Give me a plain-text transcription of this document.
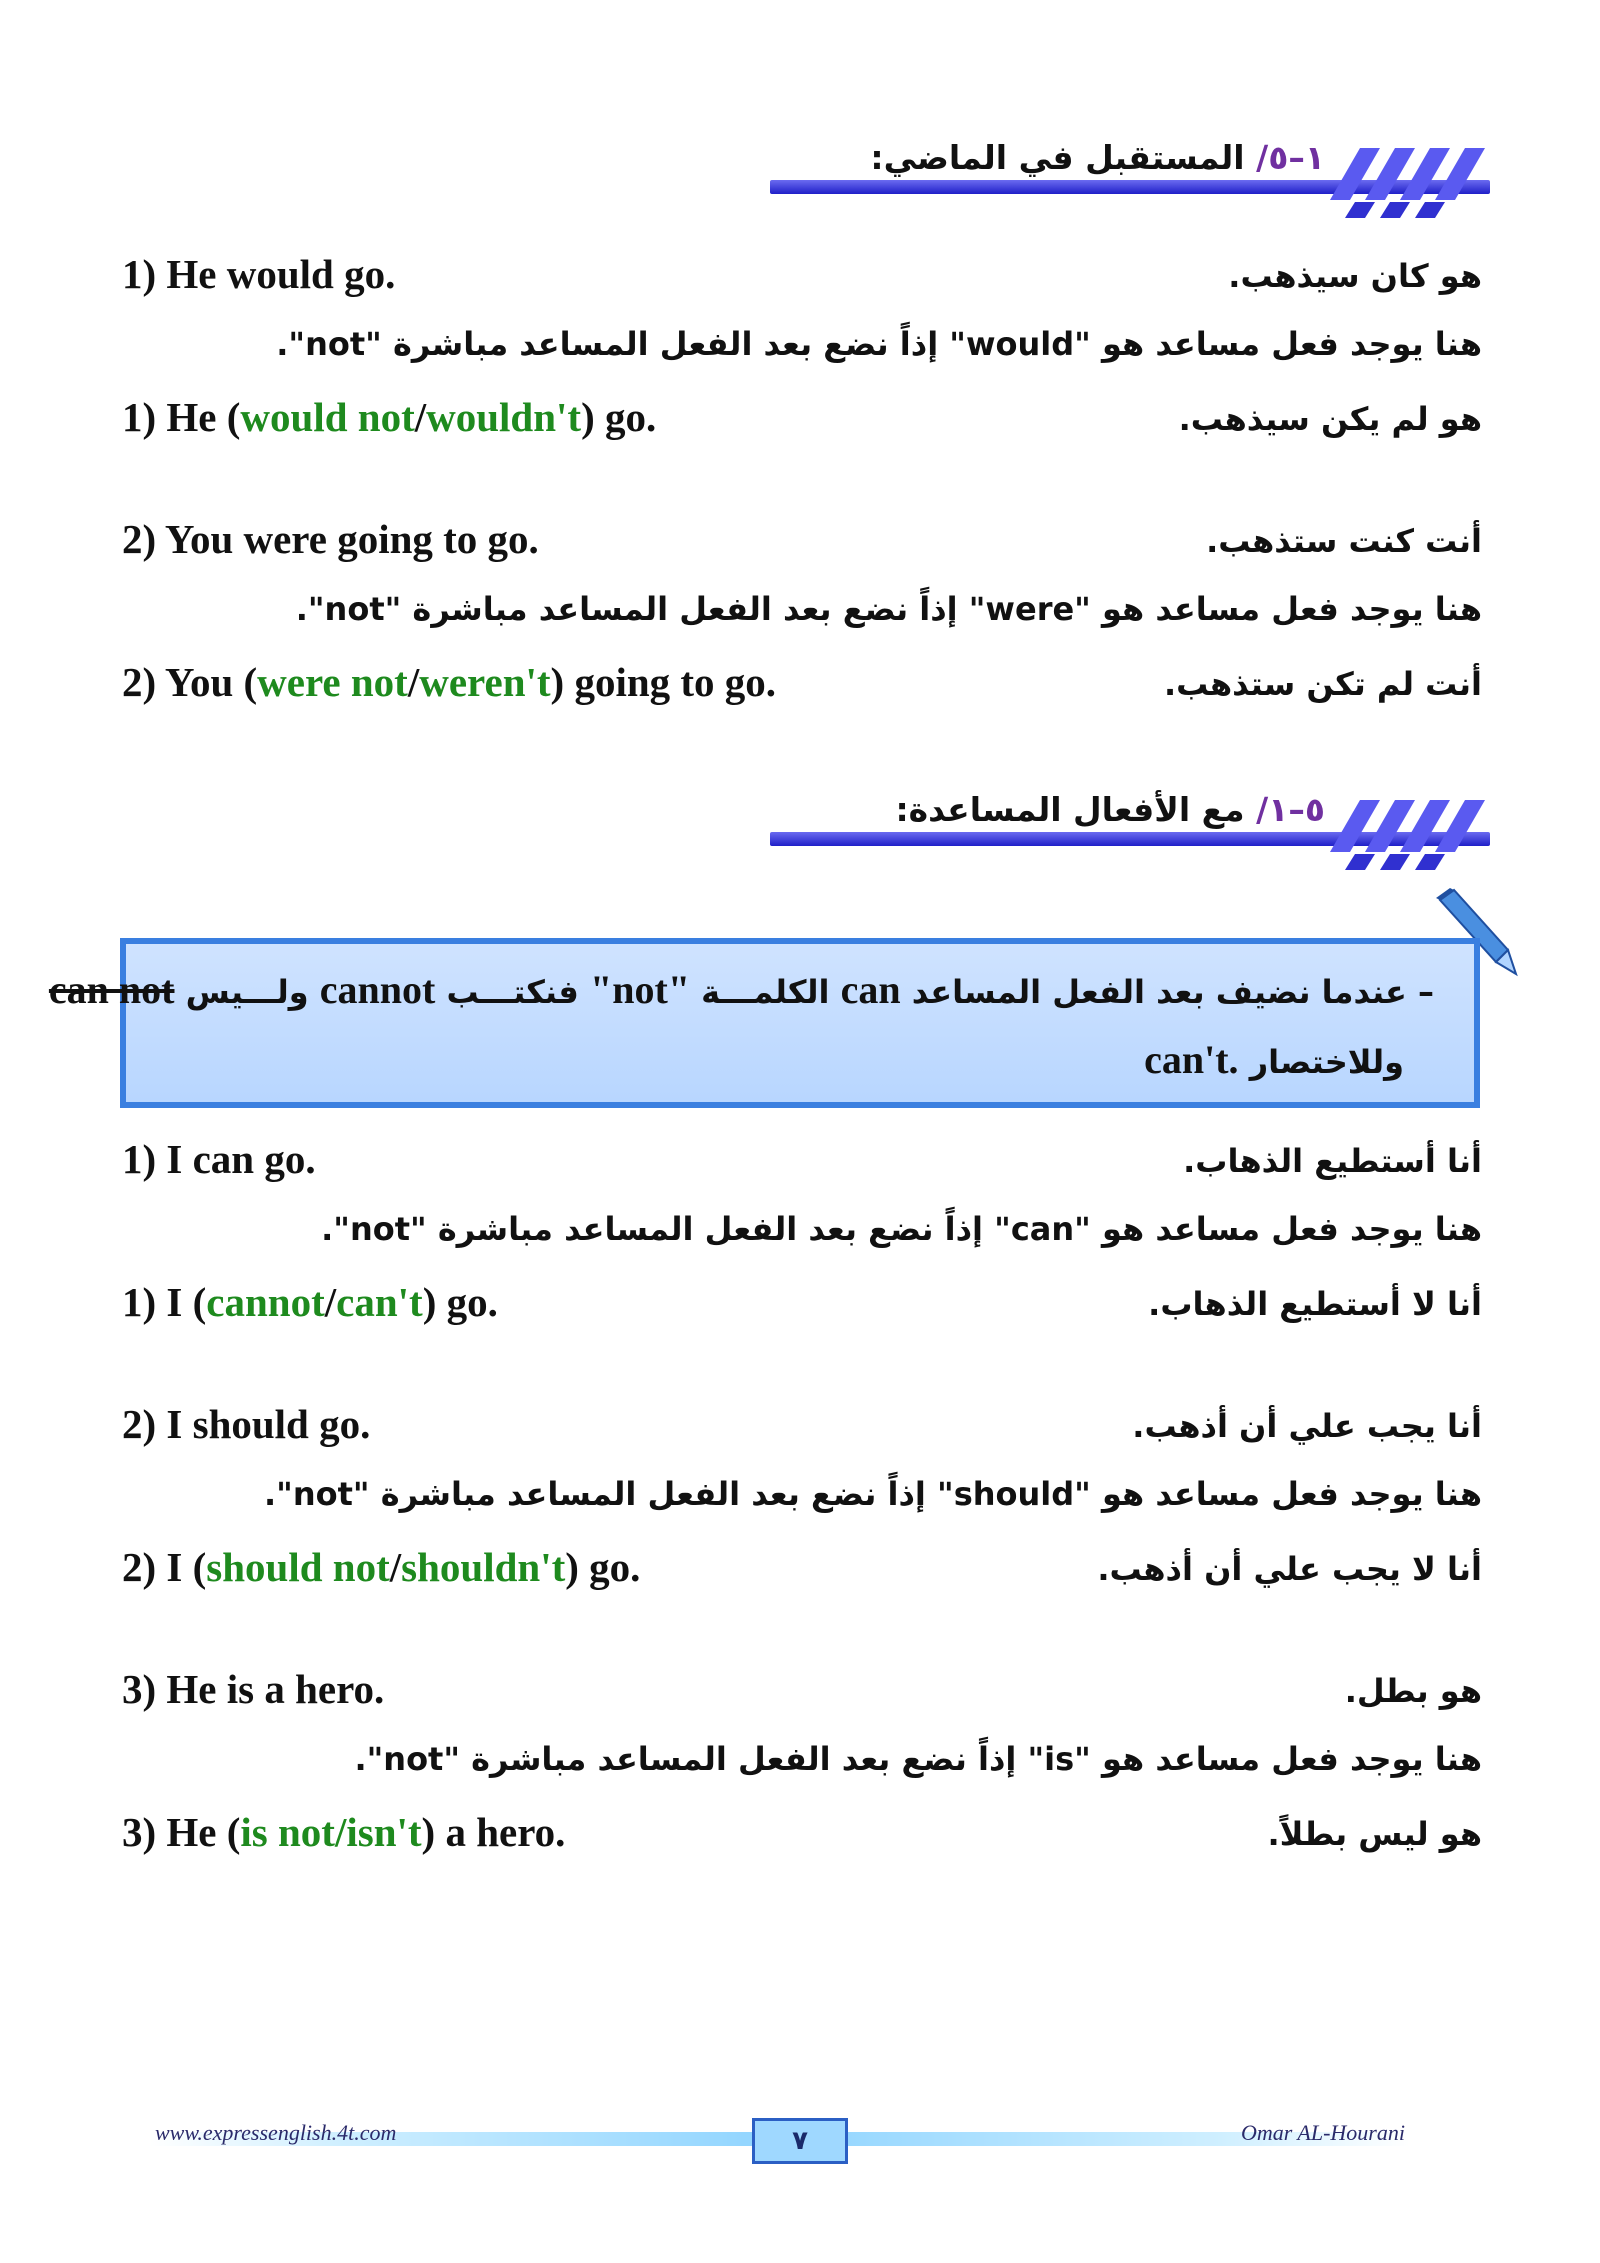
١–٥/ المستقبل في الماضي:
1) He would go.	هو كان سيذهب.
هنا يوجد فعل مساعد هو "would" إذاً نضع بعد الفعل المساعد مباشرة "not".
1) He (would not/wouldn't) go.	هو لم يكن سيذهب.
2) You were going to go.	أنت كنت ستذهب.
هنا يوجد فعل مساعد هو "were" إذاً نضع بعد الفعل المساعد مباشرة "not".
2) You (were not/weren't) going to go.	أنت لم تكن ستذهب.
٥–١/ مع الأفعال المساعدة:
– عندما نضيف بعد الفعل المساعد can الكلمـــة "not" فنكتـــب cannot ولـــيس can not
وللاختصار can't.
1) I can go.	أنا أستطيع الذهاب.
هنا يوجد فعل مساعد هو "can" إذاً نضع بعد الفعل المساعد مباشرة "not".
1) I (cannot/can't) go.	أنا لا أستطيع الذهاب.
2) I should go.	أنا يجب علي أن أذهب.
هنا يوجد فعل مساعد هو "should" إذاً نضع بعد الفعل المساعد مباشرة "not".
2) I (should not/shouldn't) go.	أنا لا يجب علي أن أذهب.
3) He is a hero.	هو بطل.
هنا يوجد فعل مساعد هو "is" إذاً نضع بعد الفعل المساعد مباشرة "not".
3) He (is not/isn't) a hero.	هو ليس بطلاً.
www.expressenglish.4t.com	٧	Omar AL-Hourani
